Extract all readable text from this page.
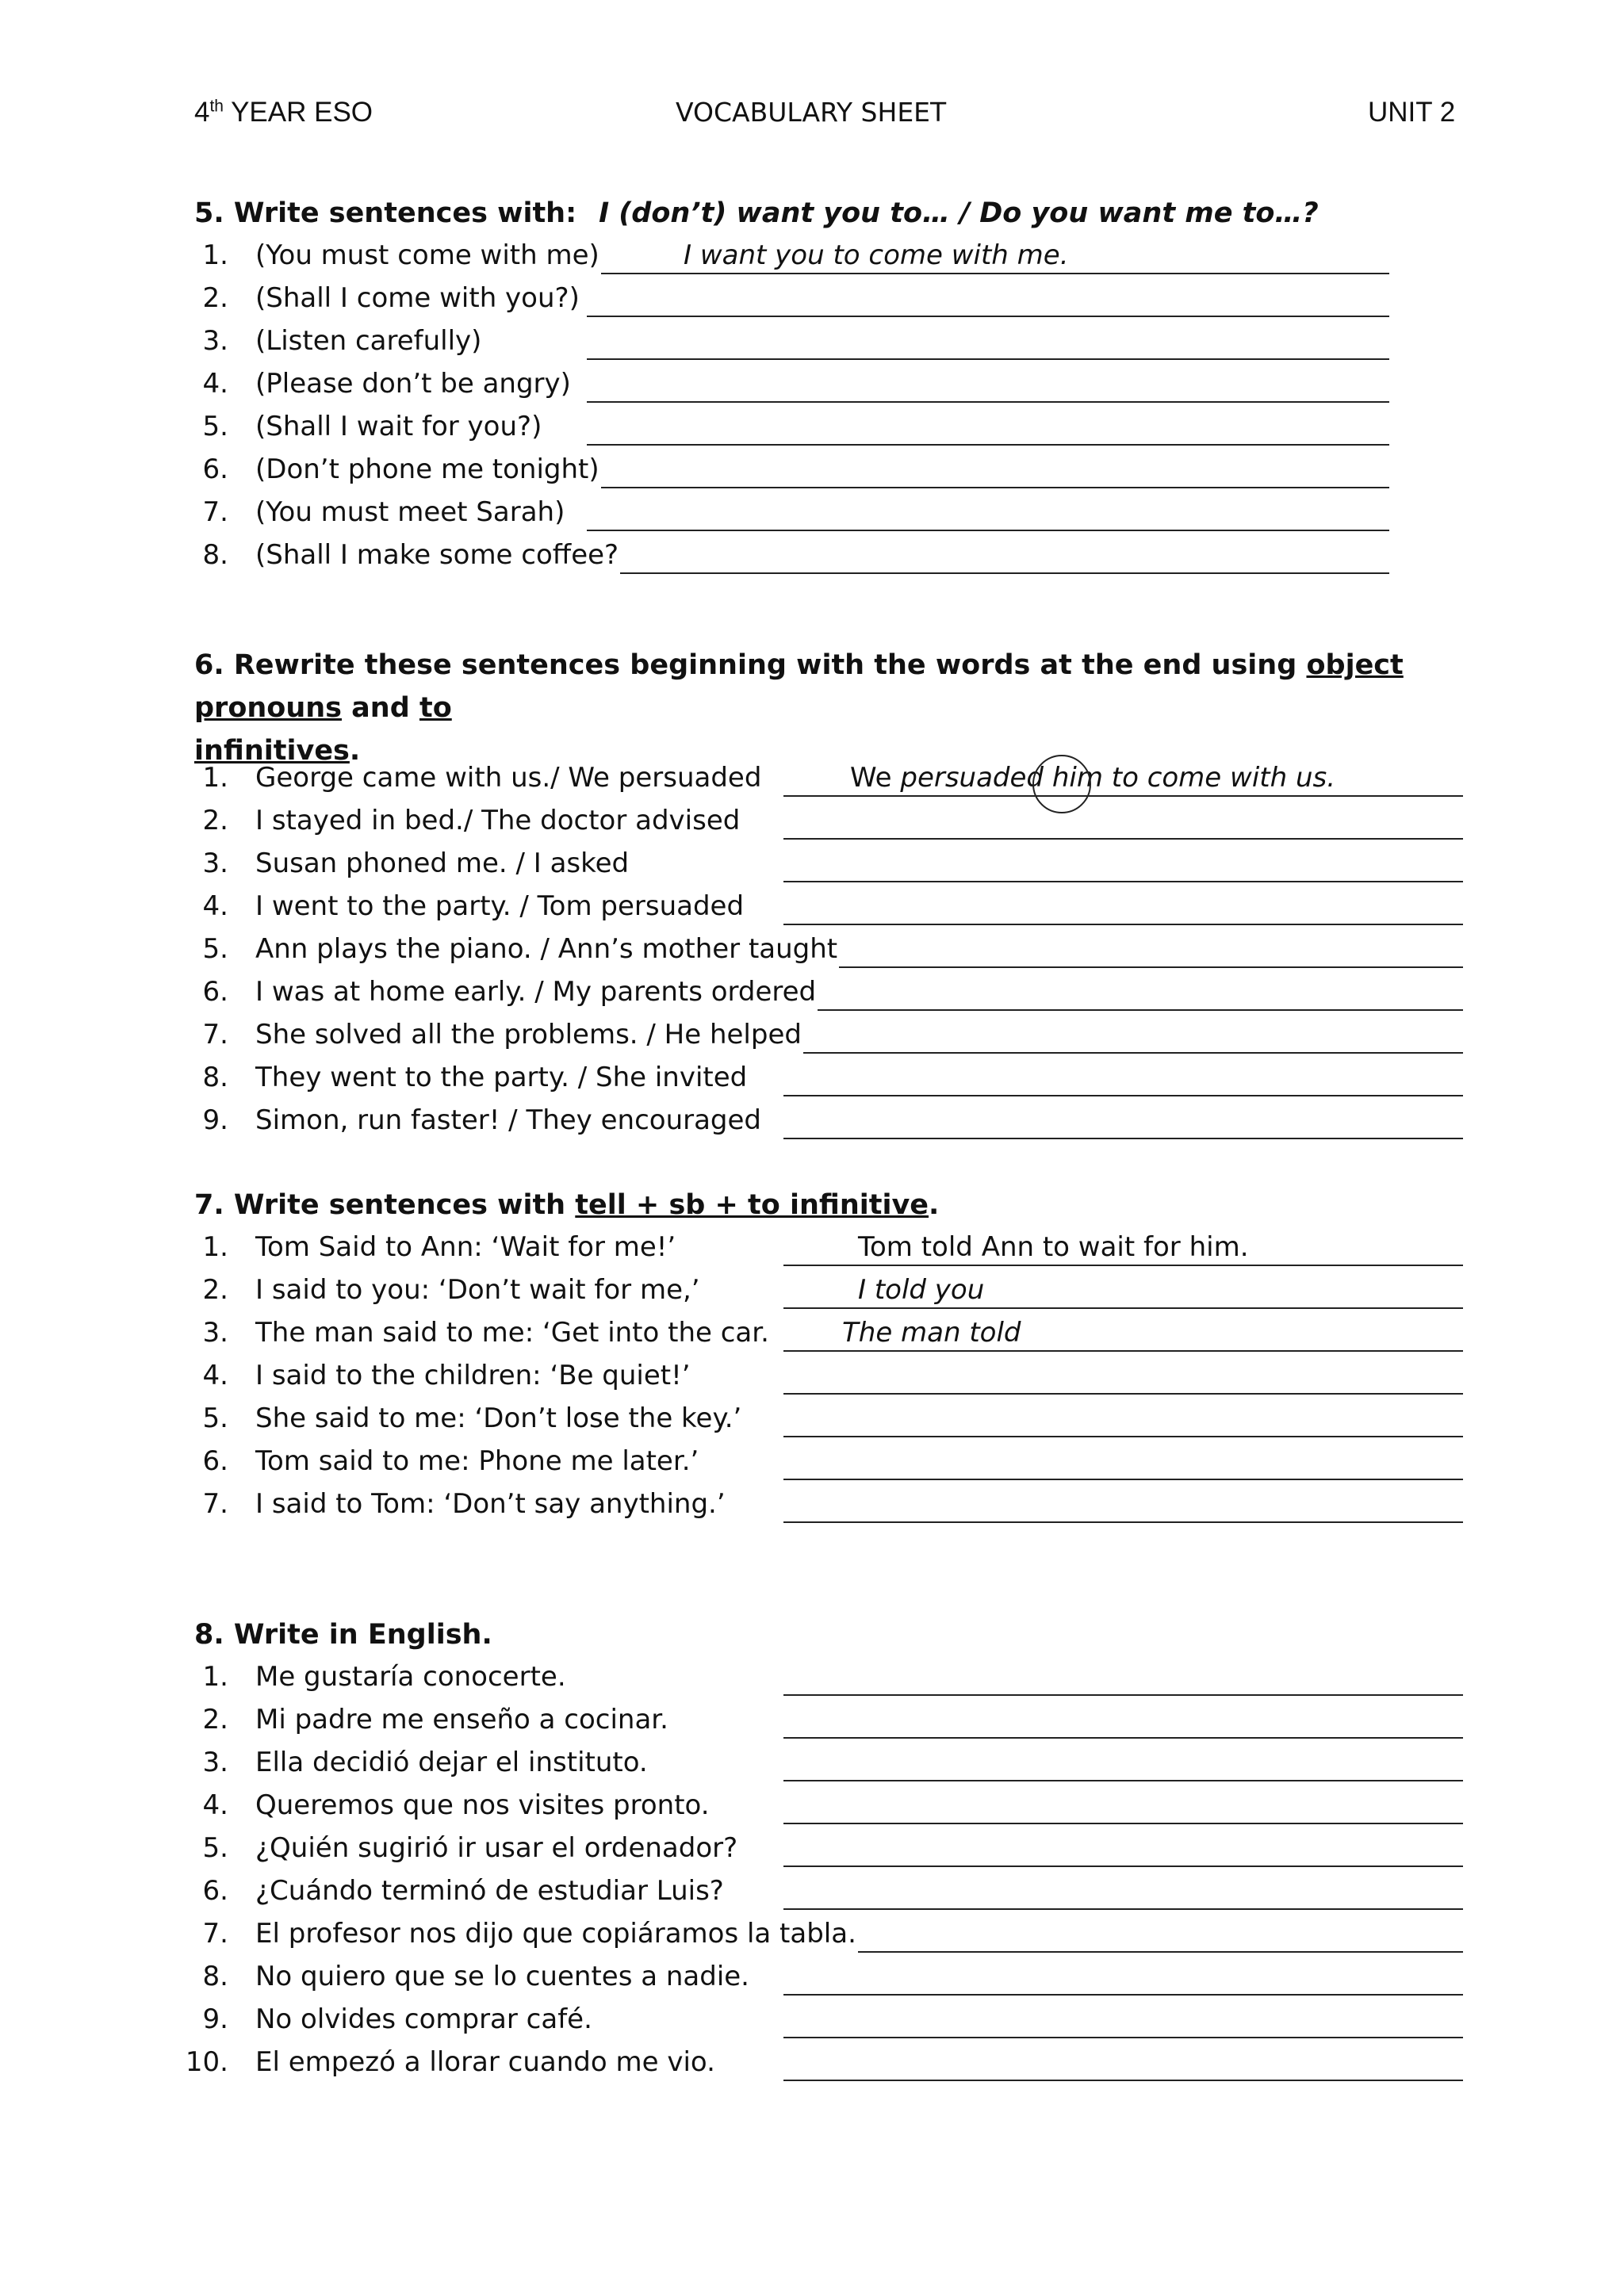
4th YEAR ESO	VOCABULARY SHEET	UNIT 2
5. Write sentences with: I (don’t) want you to… / Do you want me to…?
1. (You must come with me)	I want you to come with me.
2. (Shall I come with you?)
3. (Listen carefully)
4. (Please don’t be angry)
5. (Shall I wait for you?)
6. (Don’t phone me tonight)
7. (You must meet Sarah)
8. (Shall I make some coffee?
6. Rewrite these sentences beginning with the words at the end using object pronouns and to
infinitives.
1. George came with us./ We persuaded	We persuaded him to come with us.
2. I stayed in bed./ The doctor advised
3. Susan phoned me. / I asked
4. I went to the party. / Tom persuaded
5. Ann plays the piano. / Ann’s mother taught
6. I was at home early. / My parents ordered
7. She solved all the problems. / He helped
8. They went to the party. / She invited
9. Simon, run faster! / They encouraged
7. Write sentences with tell + sb + to infinitive.
1. Tom Said to Ann: ‘Wait for me!’	Tom told Ann to wait for him.
2. I said to you: ‘Don’t wait for me,’	I told you
3. The man said to me: ‘Get into the car.	The man told
4. I said to the children: ‘Be quiet!’
5. She said to me: ‘Don’t lose the key.’
6. Tom said to me: Phone me later.’
7. I said to Tom: ‘Don’t say anything.’
8. Write in English.
1. Me gustaría conocerte.
2. Mi padre me enseño a cocinar.
3. Ella decidió dejar el instituto.
4. Queremos que nos visites pronto.
5. ¿Quién sugirió ir usar el ordenador?
6. ¿Cuándo terminó de estudiar Luis?
7. El profesor nos dijo que copiáramos la tabla.
8. No quiero que se lo cuentes a nadie.
9. No olvides comprar café.
10. El empezó a llorar cuando me vio.
